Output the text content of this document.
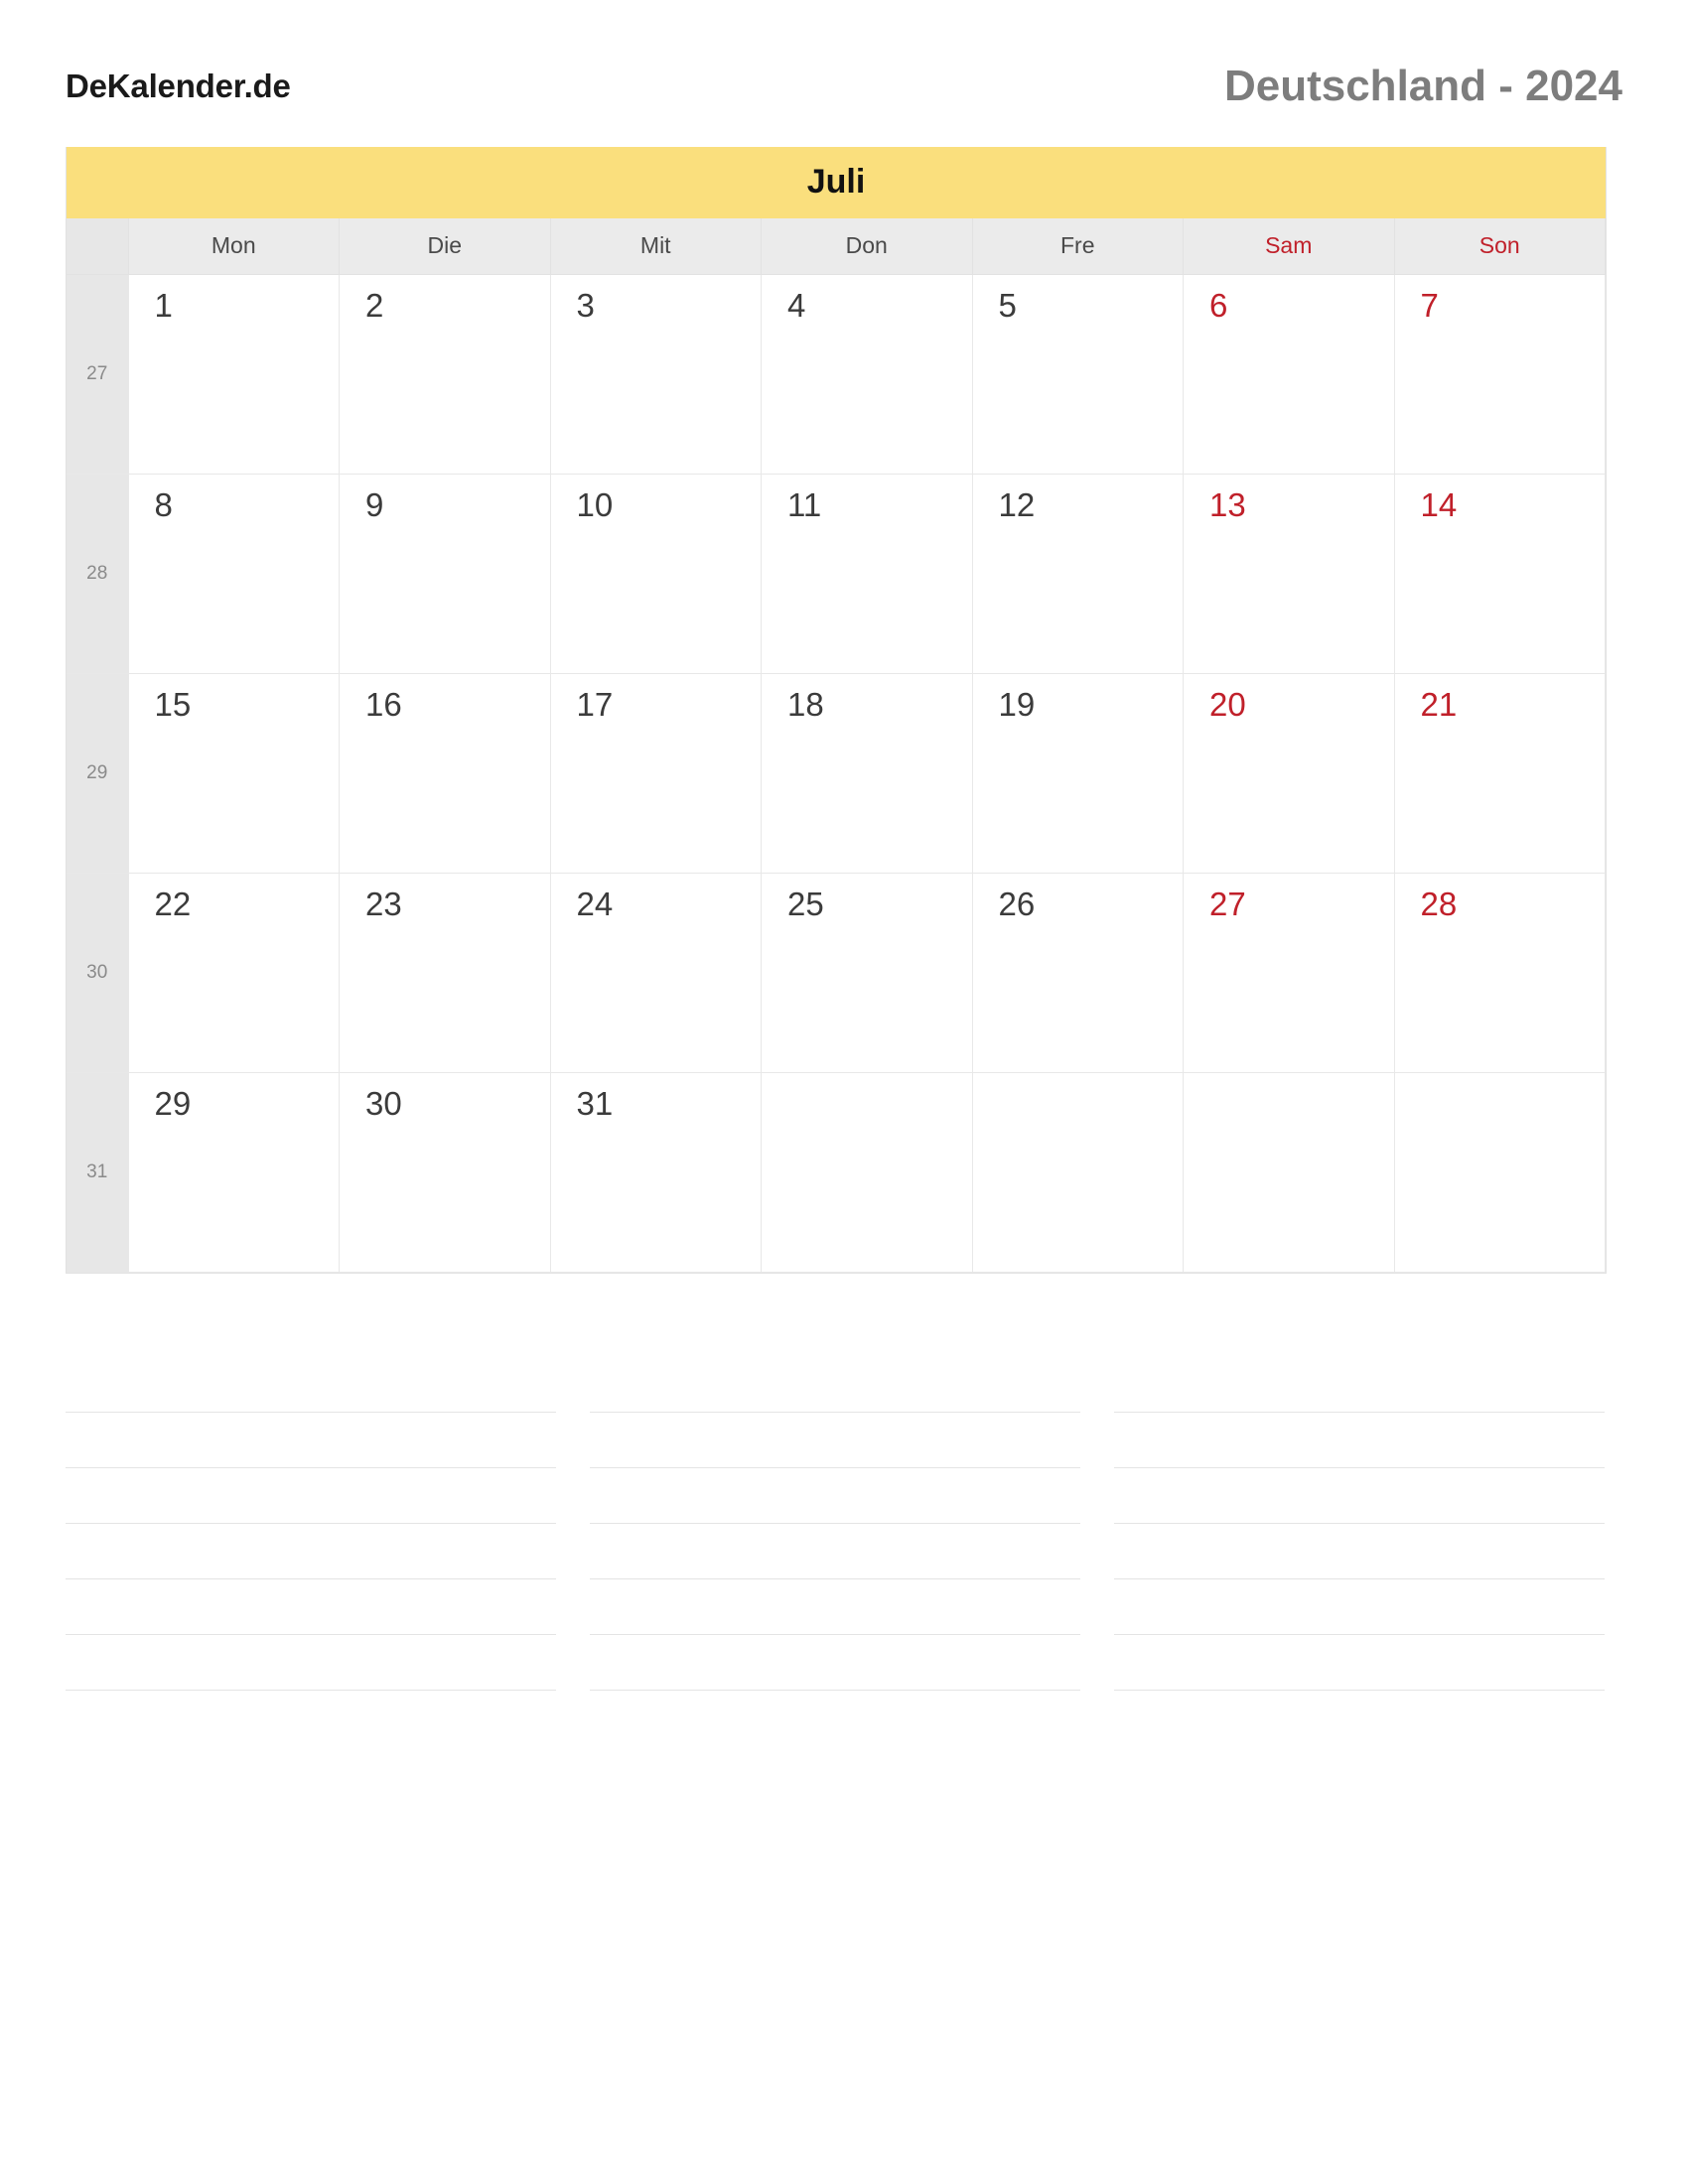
DeKalender.de	Deutschland - 2024
Juli
	Mon	Die	Mit	Don	Fre	Sam	Son
27	1	2	3	4	5	6	7

28	8	9	10	11	12	13	14

29	15	16	17	18	19	20	21

30	22	23	24	25	26	27	28

31	29	30	31				
